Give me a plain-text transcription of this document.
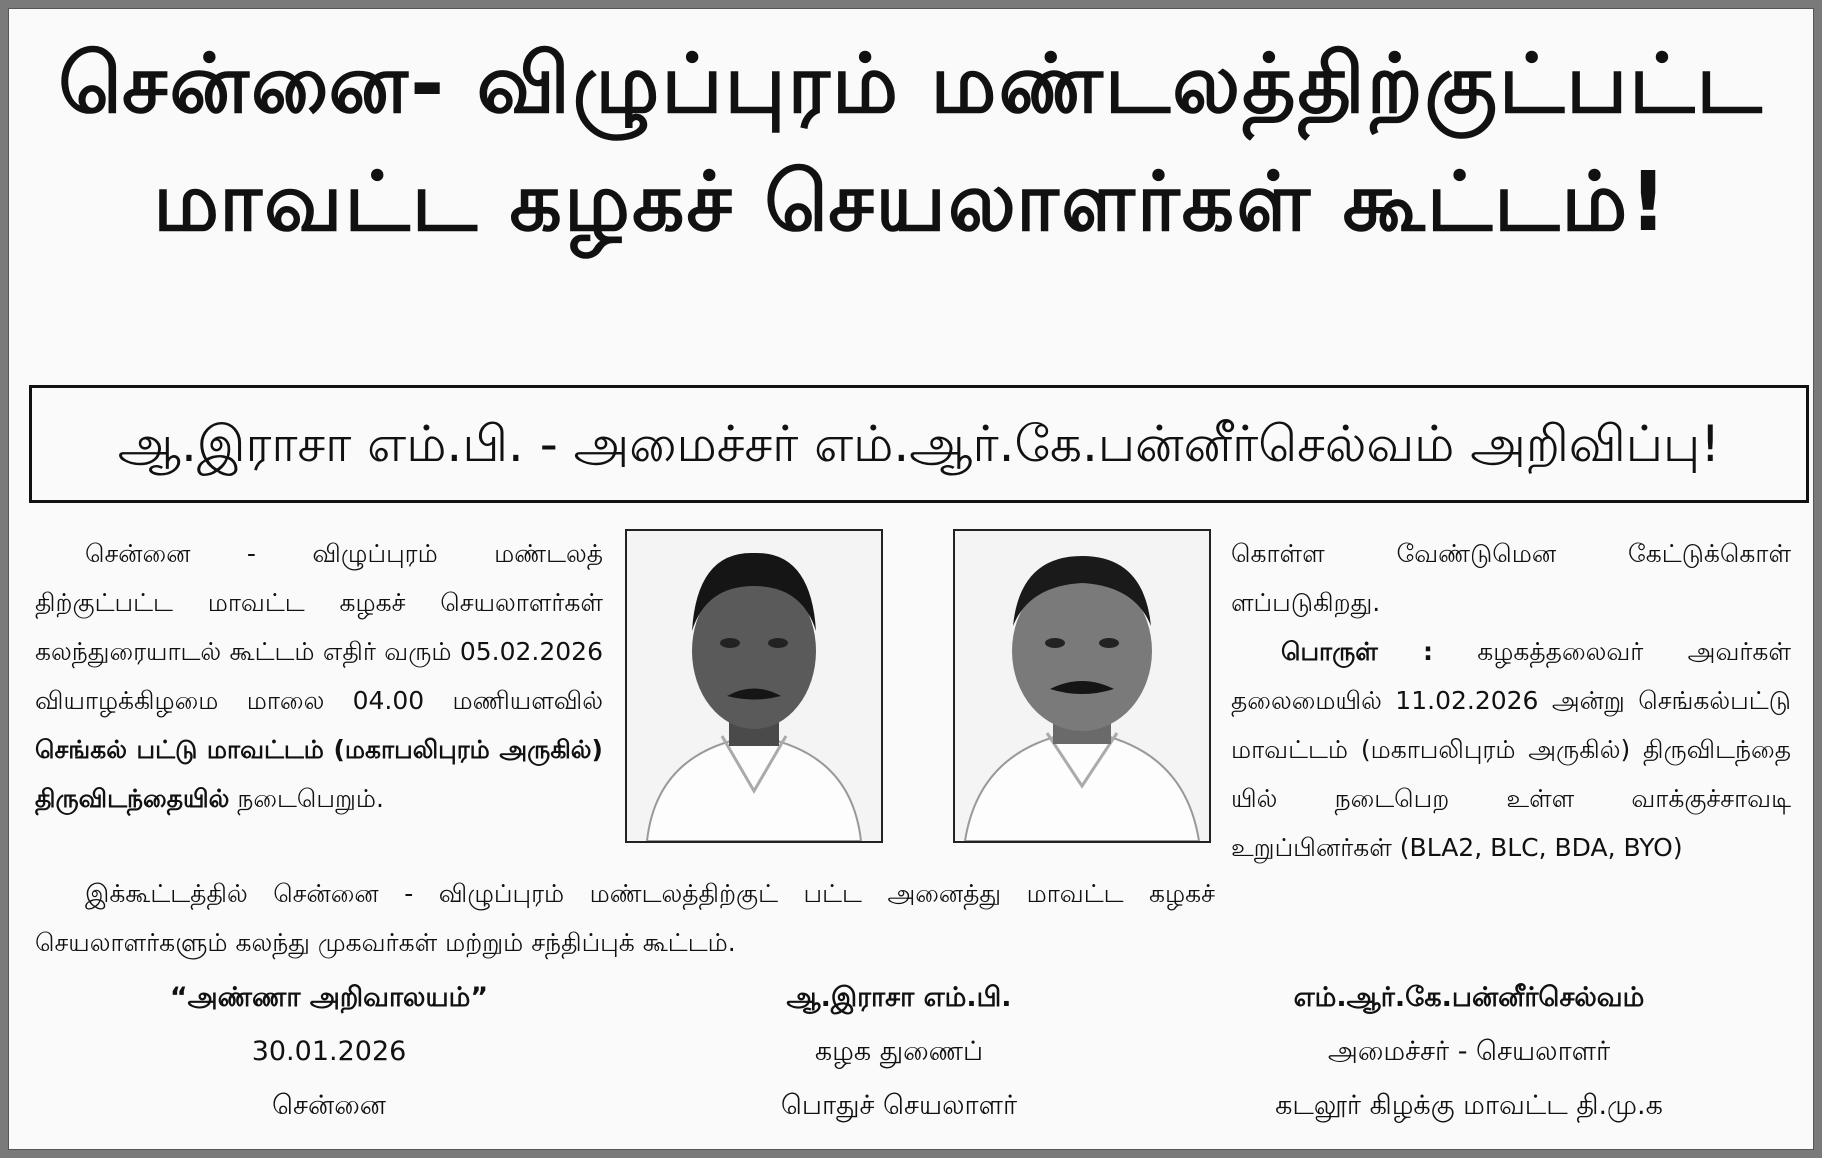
சென்னை- விழுப்புரம் மண்டலத்திற்குட்பட்ட
மாவட்ட கழகச் செயலாளர்கள் கூட்டம்!
ஆ.இராசா எம்.பி. - அமைச்சர் எம்.ஆர்.கே.பன்னீர்செல்வம் அறிவிப்பு!

சென்னை - விழுப்புரம் மண்டலத் திற்குட்பட்ட மாவட்ட கழகச் செயலாளர்கள் கலந்துரையாடல் கூட்டம் எதிர் வரும் 05.02.2026 வியாழக்கிழமை மாலை 04.00 மணியளவில் செங்கல் பட்டு மாவட்டம் (மகாபலிபுரம் அருகில்) திருவிடந்தையில் நடைபெறும்.

கொள்ள வேண்டுமென கேட்டுக்கொள் ளப்படுகிறது.

பொருள் : கழகத்தலைவர் அவர்கள் தலைமையில் 11.02.2026 அன்று செங்கல்பட்டு மாவட்டம் (மகாபலிபுரம் அருகில்) திருவிடந்தை யில் நடைபெற உள்ள வாக்குச்சாவடி உறுப்பினர்கள் (BLA2, BLC, BDA, BYO)

இக்கூட்டத்தில் சென்னை - விழுப்புரம் மண்டலத்திற்குட் பட்ட அனைத்து மாவட்ட கழகச் செயலாளர்களும் கலந்து முகவர்கள் மற்றும் சந்திப்புக் கூட்டம்.

“அண்ணா அறிவாலயம்”
30.01.2026
சென்னை
ஆ.இராசா எம்.பி.
கழக துணைப்
பொதுச் செயலாளர்
எம்.ஆர்.கே.பன்னீர்செல்வம்
அமைச்சர் - செயலாளர்
கடலூர் கிழக்கு மாவட்ட தி.மு.க
